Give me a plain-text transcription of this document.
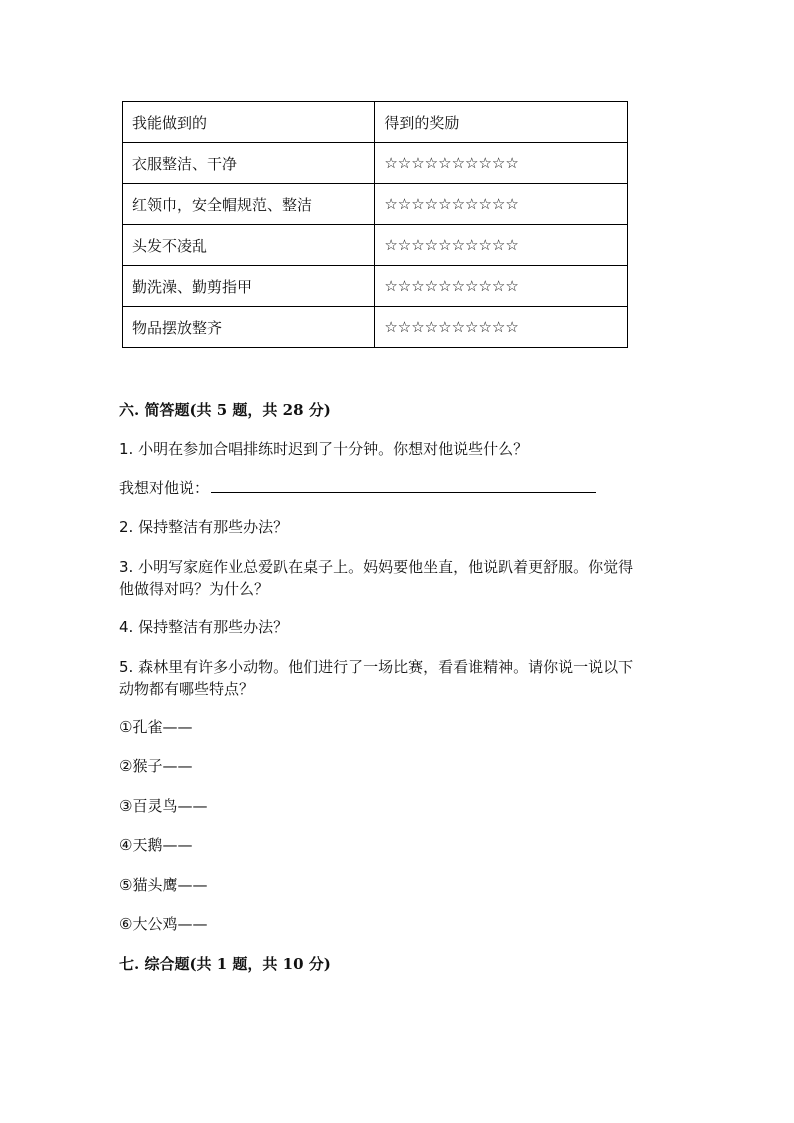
我能做到的	得到的奖励
衣服整洁、干净	☆☆☆☆☆☆☆☆☆☆
红领巾，安全帽规范、整洁	☆☆☆☆☆☆☆☆☆☆
头发不凌乱	☆☆☆☆☆☆☆☆☆☆
勤洗澡、勤剪指甲	☆☆☆☆☆☆☆☆☆☆
物品摆放整齐	☆☆☆☆☆☆☆☆☆☆
六. 简答题(共 5 题，共 28 分)
1. 小明在参加合唱排练时迟到了十分钟。你想对他说些什么？
我想对他说：
2. 保持整洁有那些办法？
3. 小明写家庭作业总爱趴在桌子上。妈妈要他坐直，他说趴着更舒服。你觉得
他做得对吗？为什么？
4. 保持整洁有那些办法？
5. 森林里有许多小动物。他们进行了一场比赛，看看谁精神。请你说一说以下
动物都有哪些特点？
①孔雀——
②猴子——
③百灵鸟——
④天鹅——
⑤猫头鹰——
⑥大公鸡——
七. 综合题(共 1 题，共 10 分)
